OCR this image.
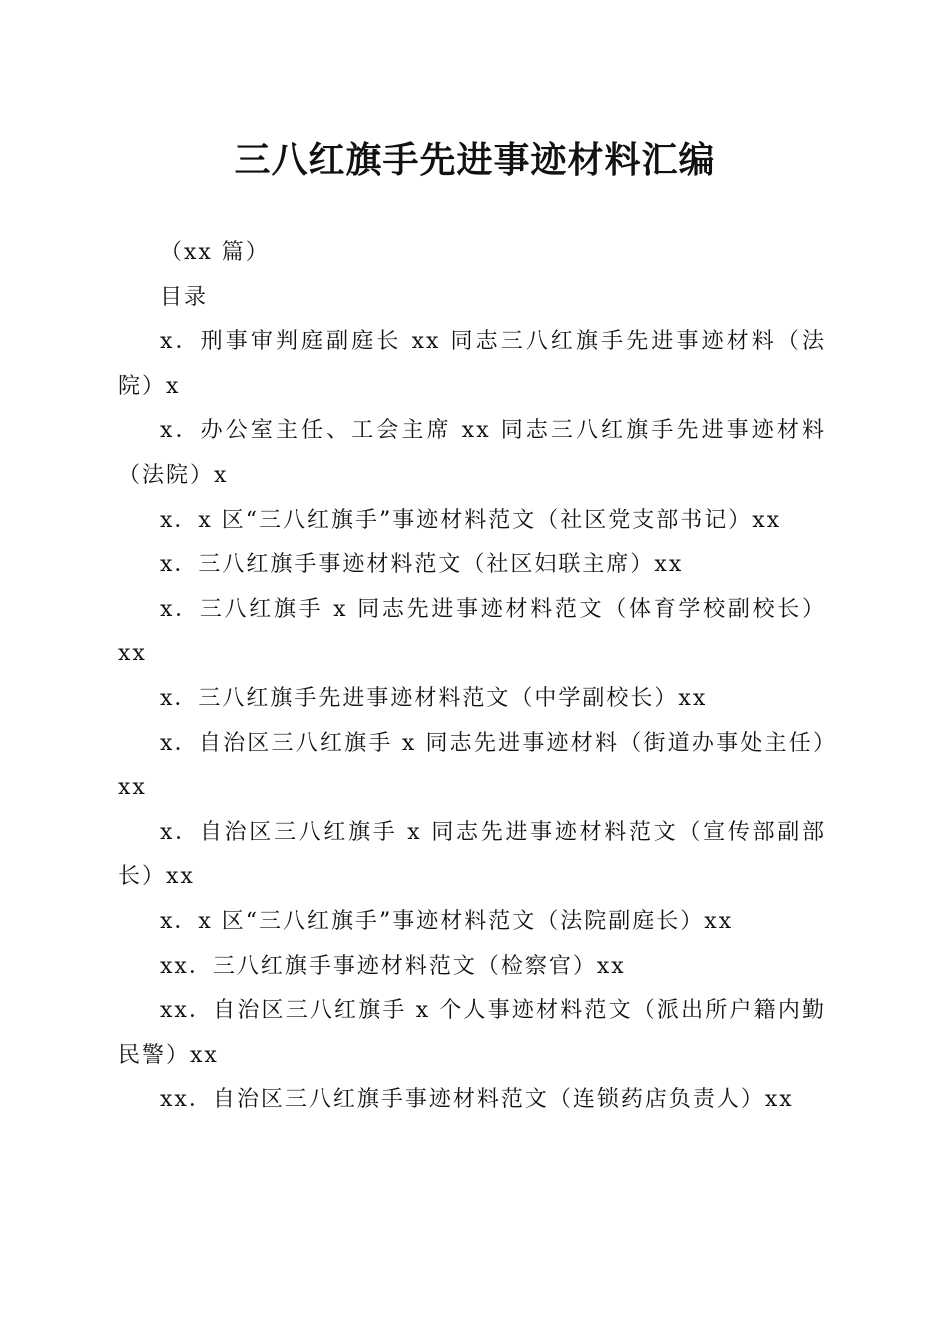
三八红旗手先进事迹材料汇编

（xx 篇）

目录

x．刑事审判庭副庭长 xx 同志三八红旗手先进事迹材料（法院）x

x．办公室主任、工会主席 xx 同志三八红旗手先进事迹材料（法院）x

x．x 区“三八红旗手”事迹材料范文（社区党支部书记）xx

x．三八红旗手事迹材料范文（社区妇联主席）xx

x．三八红旗手 x 同志先进事迹材料范文（体育学校副校长）xx

x．三八红旗手先进事迹材料范文（中学副校长）xx

x．自治区三八红旗手 x 同志先进事迹材料（街道办事处主任）xx

x．自治区三八红旗手 x 同志先进事迹材料范文（宣传部副部长）xx

x．x 区“三八红旗手”事迹材料范文（法院副庭长）xx

xx．三八红旗手事迹材料范文（检察官）xx

xx．自治区三八红旗手 x 个人事迹材料范文（派出所户籍内勤民警）xx

xx．自治区三八红旗手事迹材料范文（连锁药店负责人）xx
